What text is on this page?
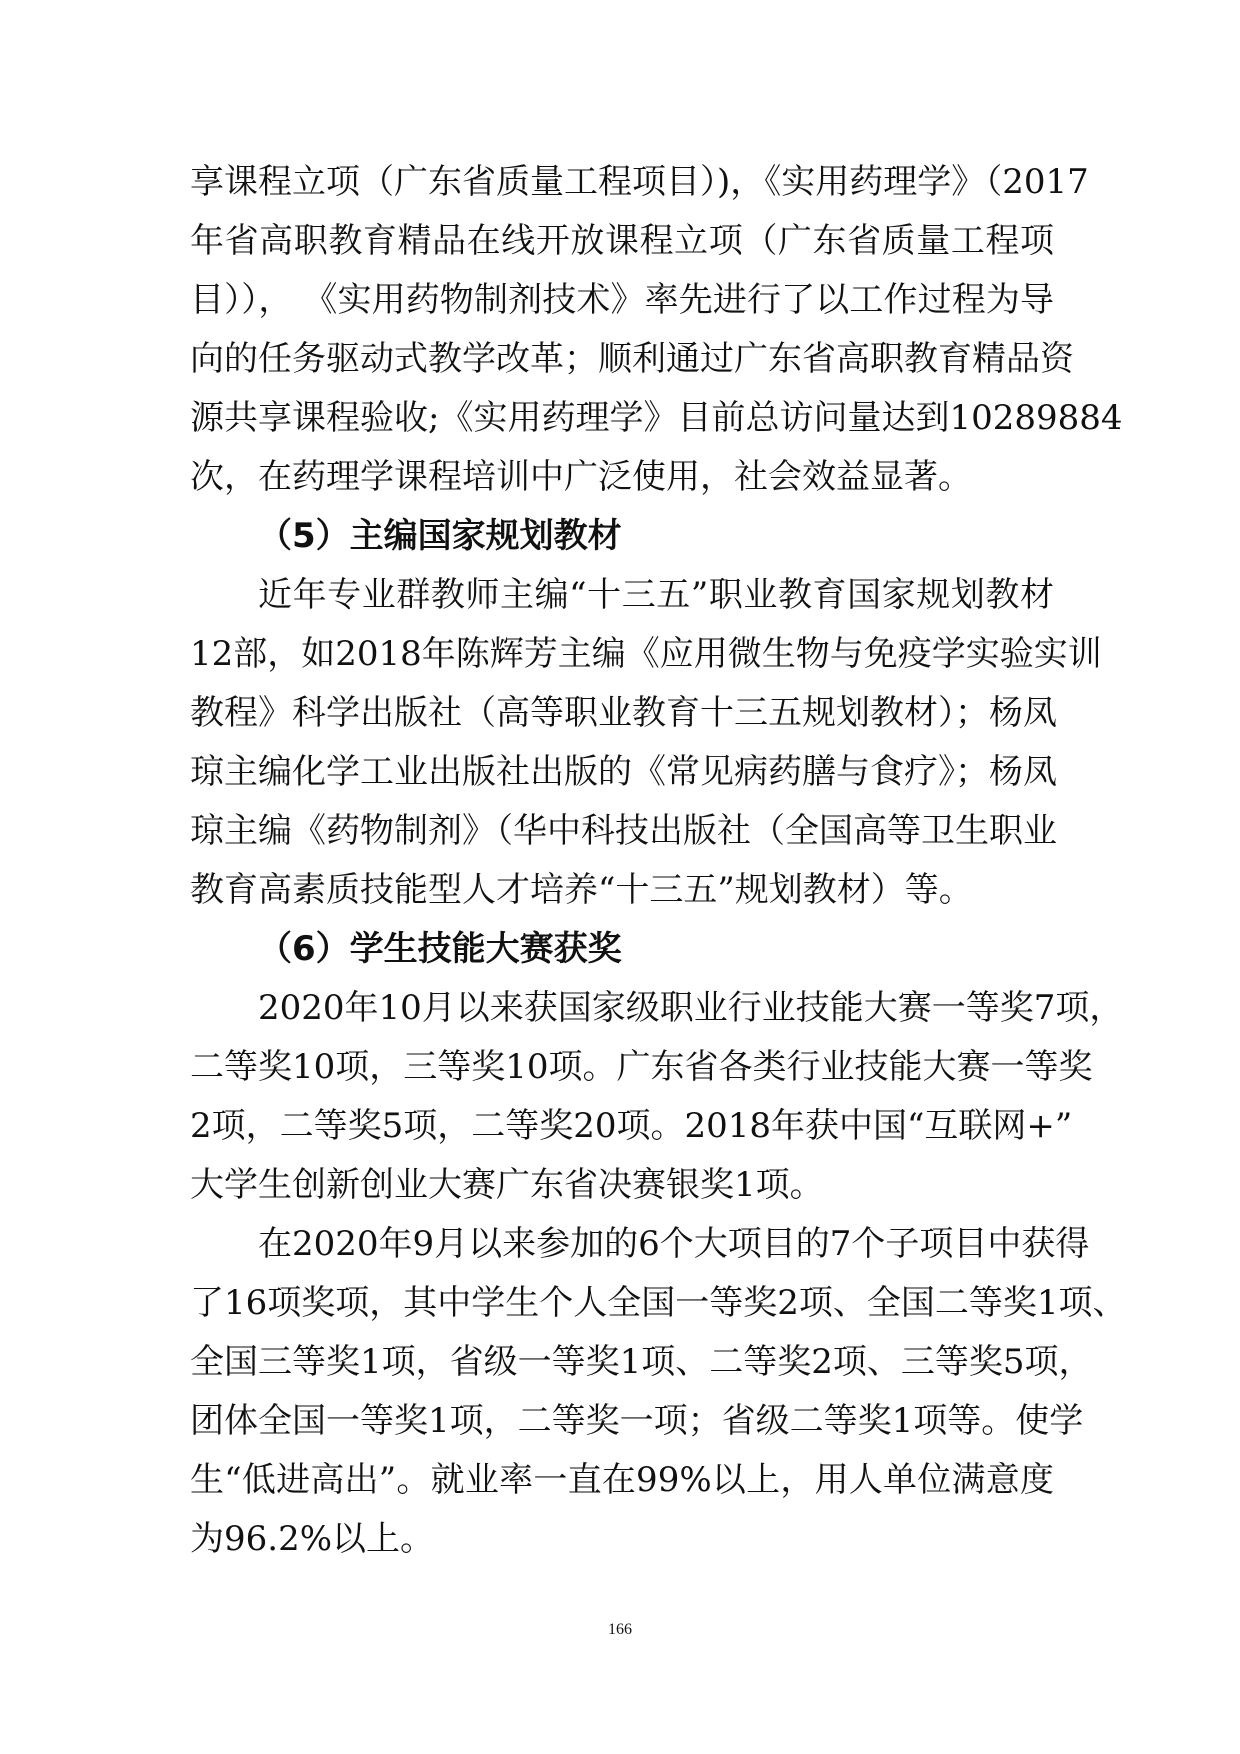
享课程立项（广东省质量工程项目）)，《实用药理学》（2017
年省高职教育精品在线开放课程立项（广东省质量工程项
目））， 《实用药物制剂技术》率先进行了以工作过程为导
向的任务驱动式教学改革；顺利通过广东省高职教育精品资
源共享课程验收;《实用药理学》目前总访问量达到10289884
次，在药理学课程培训中广泛使用，社会效益显著。
（5）主编国家规划教材
近年专业群教师主编“十三五”职业教育国家规划教材
12部，如2018年陈辉芳主编《应用微生物与免疫学实验实训
教程》科学出版社（高等职业教育十三五规划教材）；杨凤
琼主编化学工业出版社出版的《常见病药膳与食疗》；杨凤
琼主编《药物制剂》（华中科技出版社（全国高等卫生职业
教育高素质技能型人才培养“十三五”规划教材）等。
（6）学生技能大赛获奖
2020年10月以来获国家级职业行业技能大赛一等奖7项，
二等奖10项，三等奖10项。广东省各类行业技能大赛一等奖
2项，二等奖5项，二等奖20项。2018年获中国“互联网+”
大学生创新创业大赛广东省决赛银奖1项。
在2020年9月以来参加的6个大项目的7个子项目中获得
了16项奖项，其中学生个人全国一等奖2项、全国二等奖1项、
全国三等奖1项，省级一等奖1项、二等奖2项、三等奖5项，
团体全国一等奖1项，二等奖一项；省级二等奖1项等。使学
生“低进高出”。就业率一直在99%以上，用人单位满意度
为96.2%以上。
166
